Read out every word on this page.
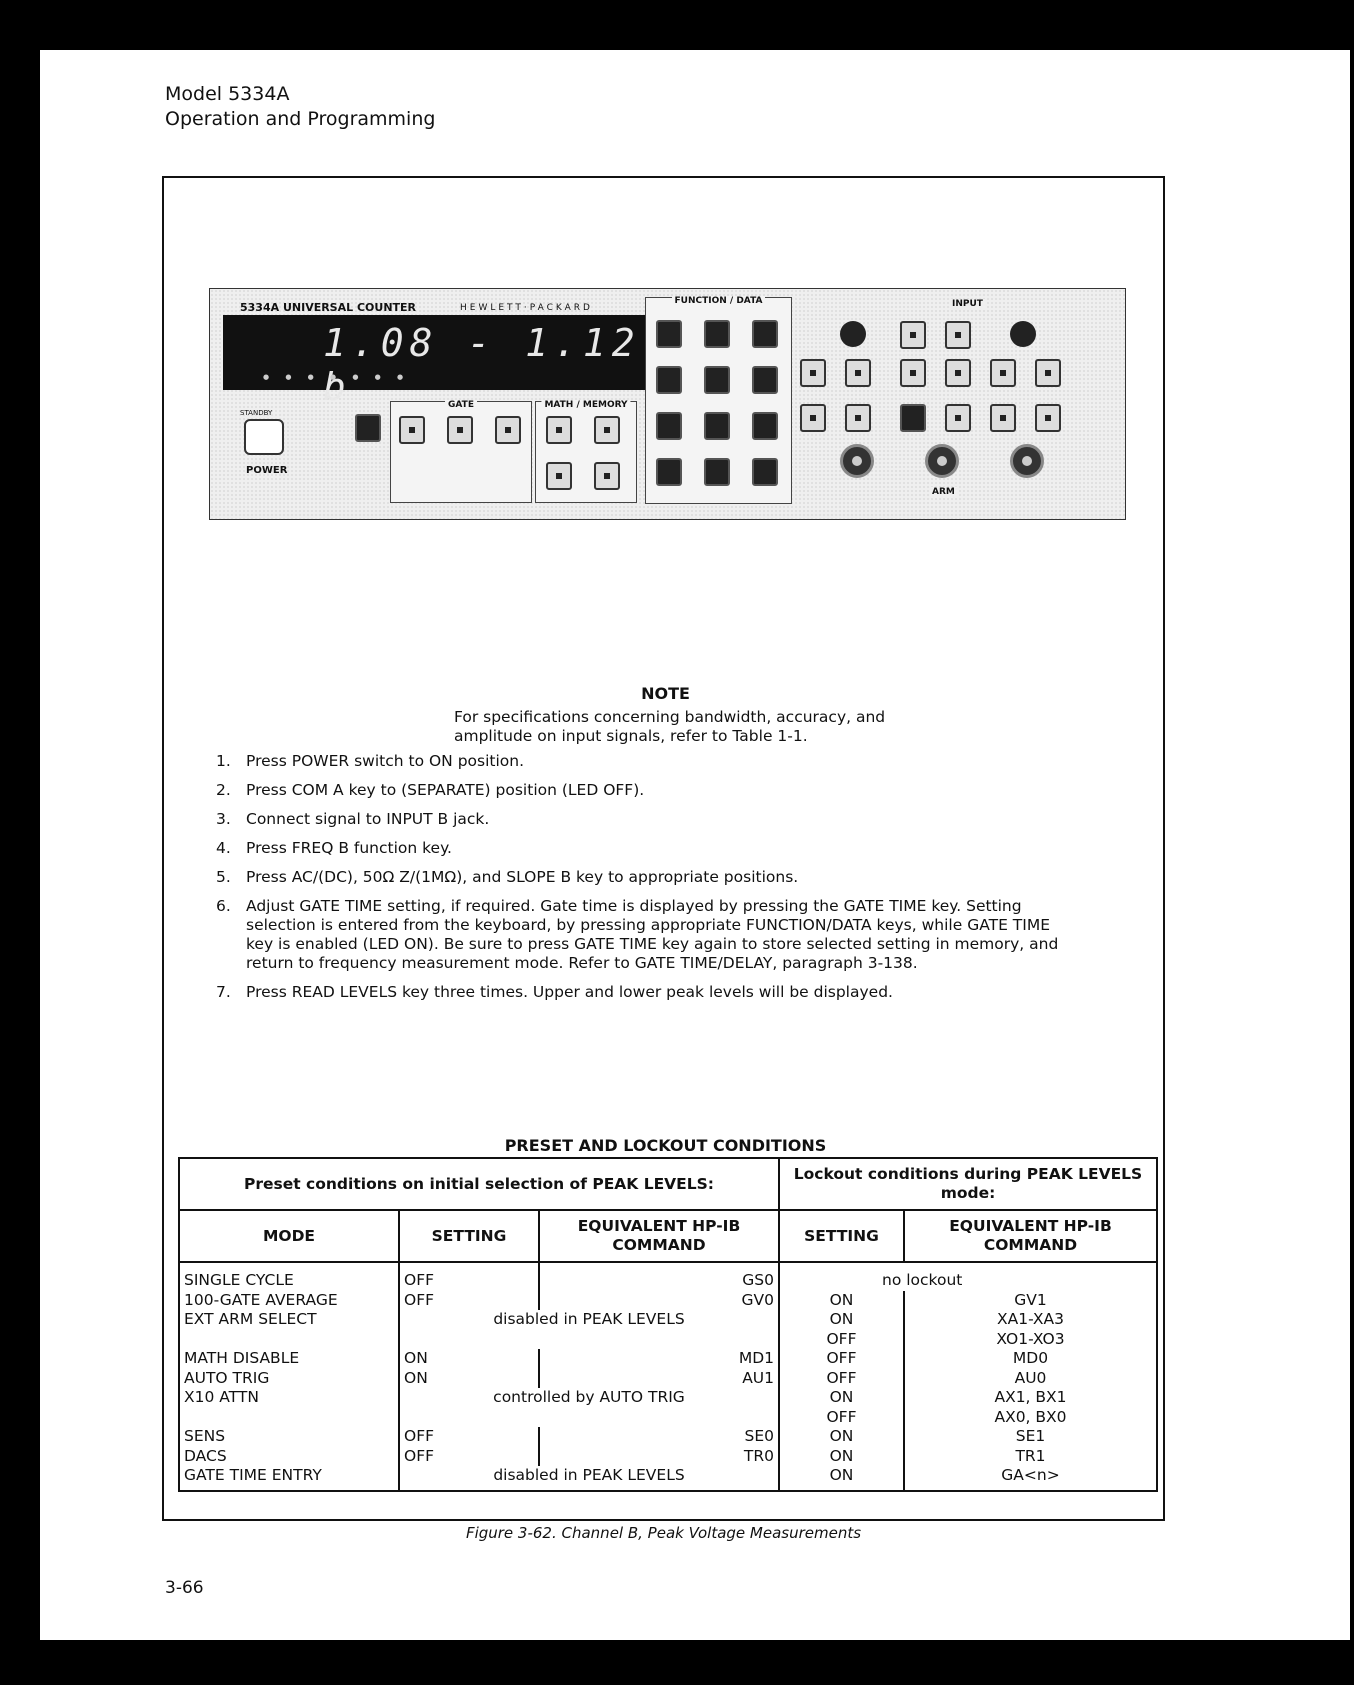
Model 5334A
Operation and Programming
5334A UNIVERSAL COUNTER	HEWLETT·PACKARD
1.08 - 1.12 b
● ● ● ● ● ● ●
STANDBY
POWER
GATE	MATH / MEMORY
FUNCTION / DATA	INPUT
ARM
NOTE
For specifications concerning bandwidth, accuracy, and amplitude on input signals, refer to Table 1-1.
1. Press POWER switch to ON position.
2. Press COM A key to (SEPARATE) position (LED OFF).
3. Connect signal to INPUT B jack.
4. Press FREQ B function key.
5. Press AC/(DC), 50Ω Z/(1MΩ), and SLOPE B key to appropriate positions.
6. Adjust GATE TIME setting, if required. Gate time is displayed by pressing the GATE TIME key. Setting selection is entered from the keyboard, by pressing appropriate FUNCTION/DATA keys, while GATE TIME key is enabled (LED ON). Be sure to press GATE TIME key again to store selected setting in memory, and return to frequency measurement mode. Refer to GATE TIME/DELAY, paragraph 3-138.
7. Press READ LEVELS key three times. Upper and lower peak levels will be displayed.
PRESET AND LOCKOUT CONDITIONS
Preset conditions on initial selection of PEAK LEVELS:			Lockout conditions during PEAK LEVELS mode:	
MODE	SETTING	EQUIVALENT HP-IB COMMAND	SETTING	EQUIVALENT HP-IB COMMAND
SINGLE CYCLE	OFF	GS0		no lockout
100-GATE AVERAGE	OFF	GV0	ON	GV1
EXT ARM SELECT	disabled in PEAK LEVELS		ON	XA1-XA3
			OFF	XO1-XO3
MATH DISABLE	ON	MD1	OFF	MD0
AUTO TRIG	ON	AU1	OFF	AU0
X10 ATTN	controlled by AUTO TRIG		ON	AX1, BX1
			OFF	AX0, BX0
SENS	OFF	SE0	ON	SE1
DACS	OFF	TR0	ON	TR1
GATE TIME ENTRY	disabled in PEAK LEVELS		ON	GA<n>
Figure 3-62. Channel B, Peak Voltage Measurements
3-66
